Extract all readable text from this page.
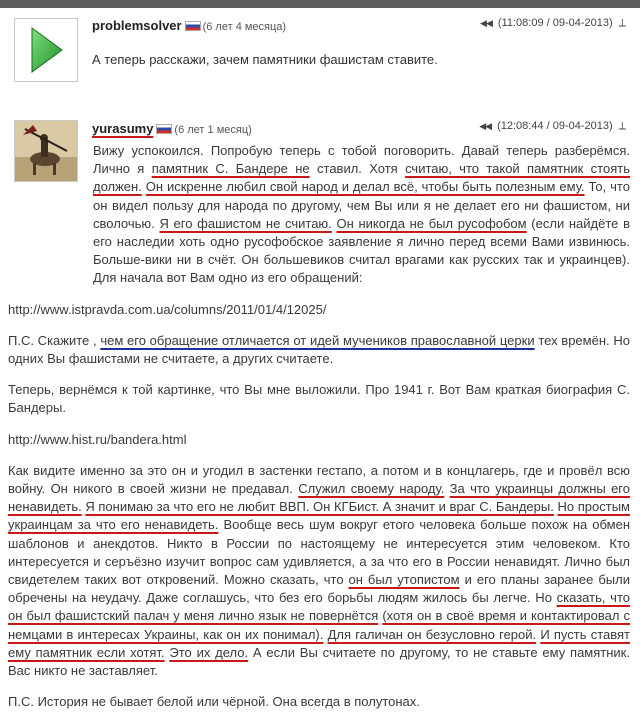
problemsolver (6 лет 4 месяца)	◀◀ (11:08:09 / 09-04-2013) ⟂
А теперь расскажи, зачем памятники фашистам ставите.
yurasumy (6 лет 1 месяц)	◀◀ (12:08:44 / 09-04-2013) ⟂

Вижу успокоился. Попробую теперь с тобой поговорить. Давай теперь разберёмся. Лично я памятник С. Бандере не ставил. Хотя считаю, что такой памятник стоять должен. Он искренне любил свой народ и делал всё, чтобы быть полезным ему. То, что он видел пользу для народа по другому, чем Вы или я не делает его ни фашистом, ни сволочью. Я его фашистом не считаю. Он никогда не был русофобом (если найдёте в его наследии хоть одно русофобское заявление я лично перед всеми Вами извинюсь. Больше-вики ни в счёт. Он большевиков считал врагами как русских так и украинцев). Для начала вот Вам одно из его обращений:

http://www.istpravda.com.ua/columns/2011/01/4/12025/

П.С. Скажите , чем его обращение отличается от идей мучеников православной церки тех времён. Но одних Вы фашистами не считаете, а других считаете.

Теперь, вернёмся к той картинке, что Вы мне выложили. Про 1941 г. Вот Вам краткая биография С. Бандеры.

http://www.hist.ru/bandera.html

Как видите именно за это он и угодил в застенки гестапо, а потом и в концлагерь, где и провёл всю войну. Он никого в своей жизни не предавал. Служил своему народу. За что украинцы должны его ненавидеть. Я понимаю за что его не любит ВВП. Он КГБист. А значит и враг С. Бандеры. Но простым украинцам за что его ненавидеть. Вообще весь шум вокруг етого человека больше похож на обмен шаблонов и анекдотов. Никто в России по настоящему не интересуется этим человеком. Кто интересуется и серъёзно изучит вопрос сам удивляется, а за что его в России ненавидят. Лично был свидетелем таких вот откровений. Можно сказать, что он был утопистом и его планы заранее были обречены на неудачу. Даже соглашусь, что без его борьбы людям жилось бы легче. Но сказать, что он был фашистский палач у меня лично язык не повернётся (хотя он в своё время и контактировал с немцами в интересах Украины, как он их понимал). Для галичан он безусловно герой. И пусть ставят ему памятник если хотят. Это их дело. А если Вы считаете по другому, то не ставьте ему памятник. Вас никто не заставляет.

П.С. История не бывает белой или чёрной. Она всегда в полутонах.
